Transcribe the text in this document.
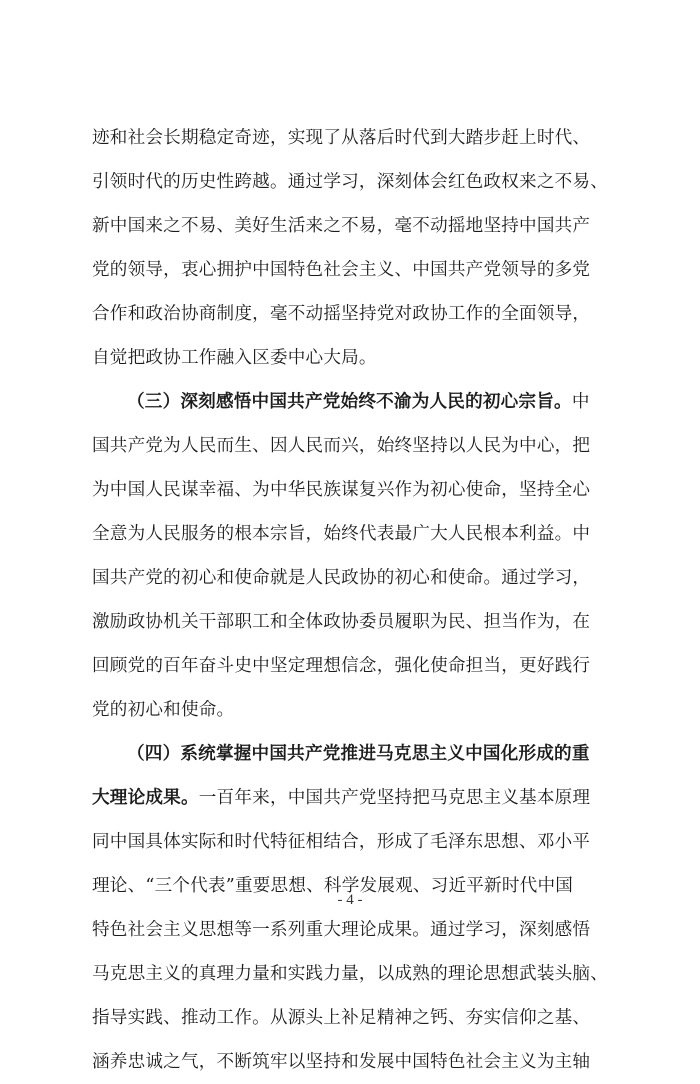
迹和社会长期稳定奇迹，实现了从落后时代到大踏步赶上时代、
引领时代的历史性跨越。通过学习，深刻体会红色政权来之不易、
新中国来之不易、美好生活来之不易，毫不动摇地坚持中国共产
党的领导，衷心拥护中国特色社会主义、中国共产党领导的多党
合作和政治协商制度，毫不动摇坚持党对政协工作的全面领导，
自觉把政协工作融入区委中心大局。
（三）深刻感悟中国共产党始终不渝为人民的初心宗旨。中
国共产党为人民而生、因人民而兴，始终坚持以人民为中心，把
为中国人民谋幸福、为中华民族谋复兴作为初心使命，坚持全心
全意为人民服务的根本宗旨，始终代表最广大人民根本利益。中
国共产党的初心和使命就是人民政协的初心和使命。通过学习，
激励政协机关干部职工和全体政协委员履职为民、担当作为，在
回顾党的百年奋斗史中坚定理想信念，强化使命担当，更好践行
党的初心和使命。
（四）系统掌握中国共产党推进马克思主义中国化形成的重
大理论成果。一百年来，中国共产党坚持把马克思主义基本原理
同中国具体实际和时代特征相结合，形成了毛泽东思想、邓小平
理论、“三个代表”重要思想、科学发展观、习近平新时代中国
特色社会主义思想等一系列重大理论成果。通过学习，深刻感悟
马克思主义的真理力量和实践力量，以成熟的理论思想武装头脑、
指导实践、推动工作。从源头上补足精神之钙、夯实信仰之基、
涵养忠诚之气，不断筑牢以坚持和发展中国特色社会主义为主轴
- 4 -
